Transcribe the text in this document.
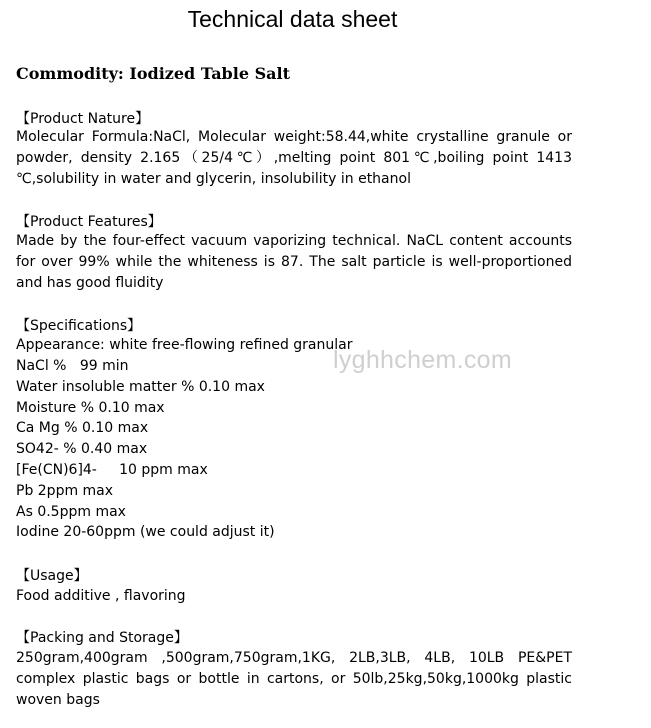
Technical data sheet
Commodity: Iodized Table Salt
【Product Nature】
Molecular Formula:NaCl, Molecular weight:58.44,white crystalline granule or powder, density 2.165（25/4℃）,melting point 801℃,boiling point 1413 ℃,solubility in water and glycerin, insolubility in ethanol
【Product Features】
Made by the four-effect vacuum vaporizing technical. NaCL content accounts for over 99% while the whiteness is 87. The salt particle is well-proportioned and has good fluidity
【Specifications】
Appearance: white free-flowing refined granular
NaCl %   99 min
Water insoluble matter % 0.10 max
Moisture % 0.10 max
Ca Mg % 0.10 max
SO42- % 0.40 max
[Fe(CN)6]4-     10 ppm max
Pb 2ppm max
As 0.5ppm max
Iodine 20-60ppm (we could adjust it)
【Usage】
Food additive , flavoring
【Packing and Storage】
250gram,400gram ,500gram,750gram,1KG, 2LB,3LB, 4LB, 10LB PE&PET complex plastic bags or bottle in cartons, or 50lb,25kg,50kg,1000kg plastic woven bags
lyghhchem.com
